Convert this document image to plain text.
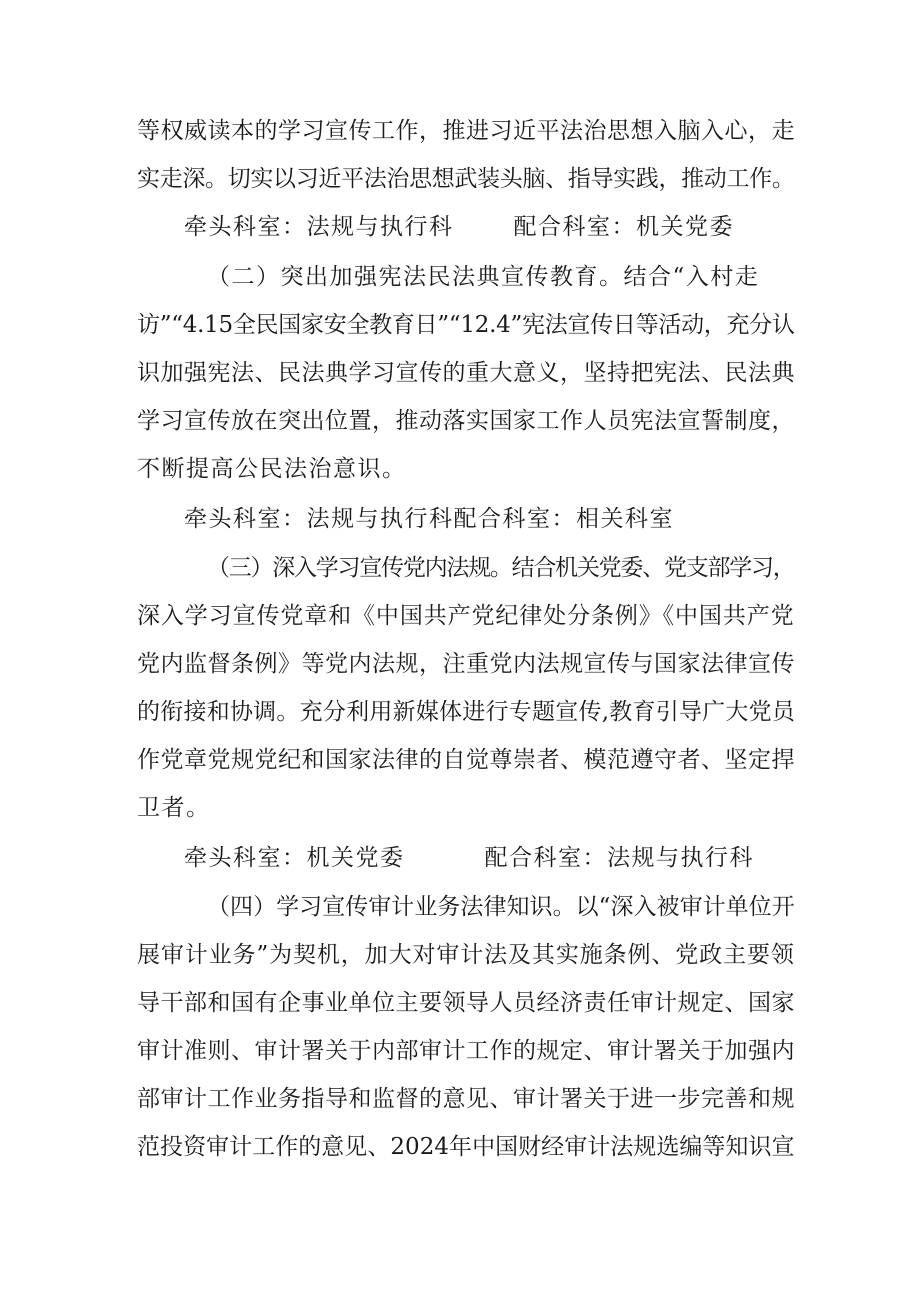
等权威读本的学习宣传工作，推进习近平法治思想入脑入心，走
实走深。切实以习近平法治思想武装头脑、指导实践，推动工作。
牵头科室：法规与执行科	配合科室：机关党委
（二）突出加强宪法民法典宣传教育。结合“入村走
访”“4.15全民国家安全教育日”“12.4”宪法宣传日等活动，充分认
识加强宪法、民法典学习宣传的重大意义，坚持把宪法、民法典
学习宣传放在突出位置，推动落实国家工作人员宪法宣誓制度，
不断提高公民法治意识。
牵头科室：法规与执行科配合科室：相关科室
（三）深入学习宣传党内法规。结合机关党委、党支部学习，
深入学习宣传党章和《中国共产党纪律处分条例》《中国共产党
党内监督条例》等党内法规，注重党内法规宣传与国家法律宣传
的衔接和协调。充分利用新媒体进行专题宣传,教育引导广大党员
作党章党规党纪和国家法律的自觉尊崇者、模范遵守者、坚定捍
卫者。
牵头科室：机关党委	配合科室：法规与执行科
（四）学习宣传审计业务法律知识。以“深入被审计单位开
展审计业务”为契机，加大对审计法及其实施条例、党政主要领
导干部和国有企事业单位主要领导人员经济责任审计规定、国家
审计准则、审计署关于内部审计工作的规定、审计署关于加强内
部审计工作业务指导和监督的意见、审计署关于进一步完善和规
范投资审计工作的意见、2024年中国财经审计法规选编等知识宣
